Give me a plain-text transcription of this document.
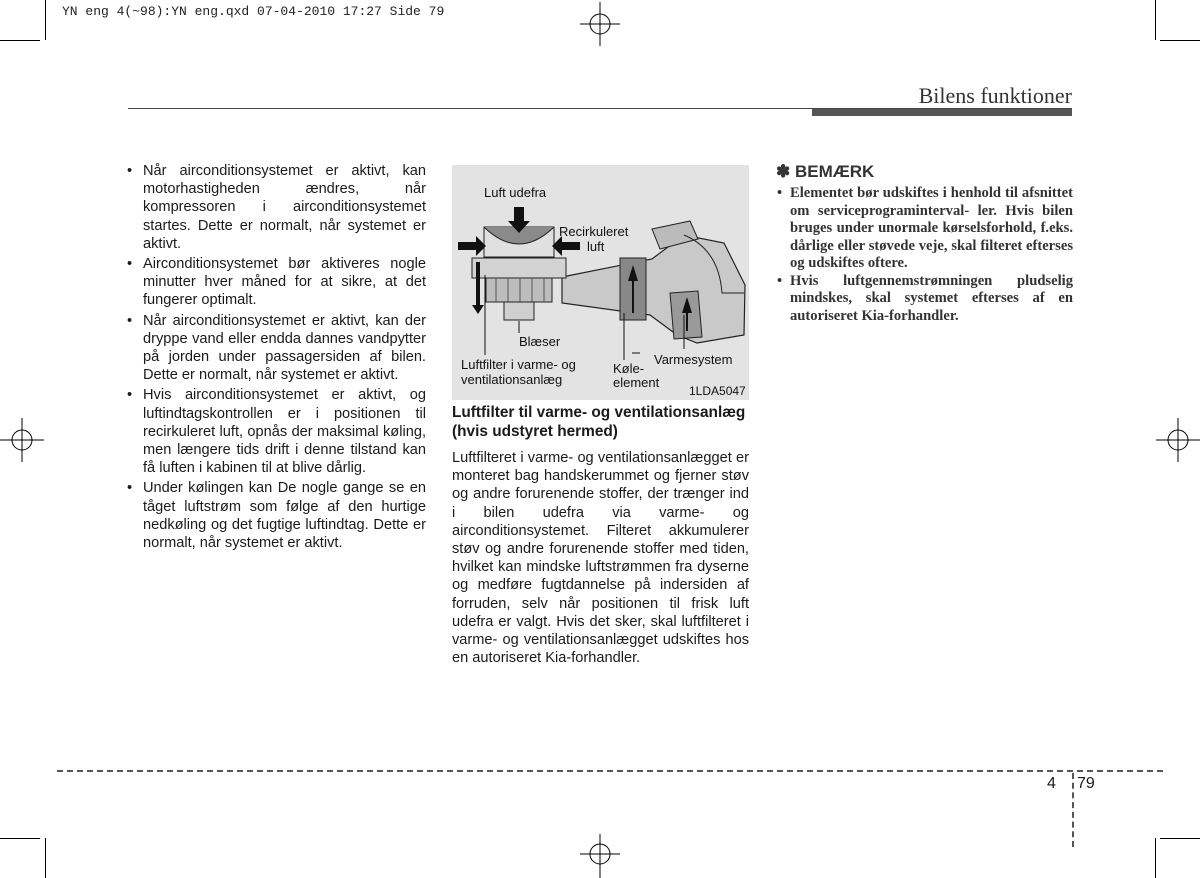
YN eng 4(~98):YN eng.qxd 07-04-2010 17:27 Side 79
Bilens funktioner
• Når airconditionsystemet er aktivt, kan motorhastigheden ændres, når kompressoren i airconditionsystemet startes. Dette er normalt, når systemet er aktivt.
• Airconditionsystemet bør aktiveres nogle minutter hver måned for at sikre, at det fungerer optimalt.
• Når airconditionsystemet er aktivt, kan der dryppe vand eller endda dannes vandpytter på jorden under passagersiden af bilen. Dette er normalt, når systemet er aktivt.
• Hvis airconditionsystemet er aktivt, og luftindtagskontrollen er i positionen til recirkuleret luft, opnås der maksimal køling, men længere tids drift i denne tilstand kan få luften i kabinen til at blive dårlig.
• Under kølingen kan De nogle gange se en tåget luftstrøm som følge af den hurtige nedkøling og det fugtige luftindtag. Dette er normalt, når systemet er aktivt.
Luft udefra
Recirkuleret
luft
Blæser
Luftfilter i varme- og
ventilationsanlæg
Køle-
element
Varmesystem
1LDA5047
Luftfilter til varme- og ventilationsanlæg (hvis udstyret hermed)

Luftfilteret i varme- og ventilationsanlægget er monteret bag handskerummet og fjerner støv og andre forurenende stoffer, der trænger ind i bilen udefra via varme- og airconditionsystemet. Filteret akkumulerer støv og andre forurenende stoffer med tiden, hvilket kan mindske luftstrømmen fra dyserne og medføre fugtdannelse på indersiden af forruden, selv når positionen til frisk luft udefra er valgt. Hvis det sker, skal luftfilteret i varme- og ventilationsanlægget udskiftes hos en autoriseret Kia-forhandler.

✽ BEMÆRK
• Elementet bør udskiftes i henhold til afsnittet om serviceprograminterval- ler. Hvis bilen bruges under unormale kørselsforhold, f.eks. dårlige eller støvede veje, skal filteret efterses og udskiftes oftere.
• Hvis luftgennemstrømningen pludselig mindskes, skal systemet efterses af en autoriseret Kia-forhandler.
4 79
